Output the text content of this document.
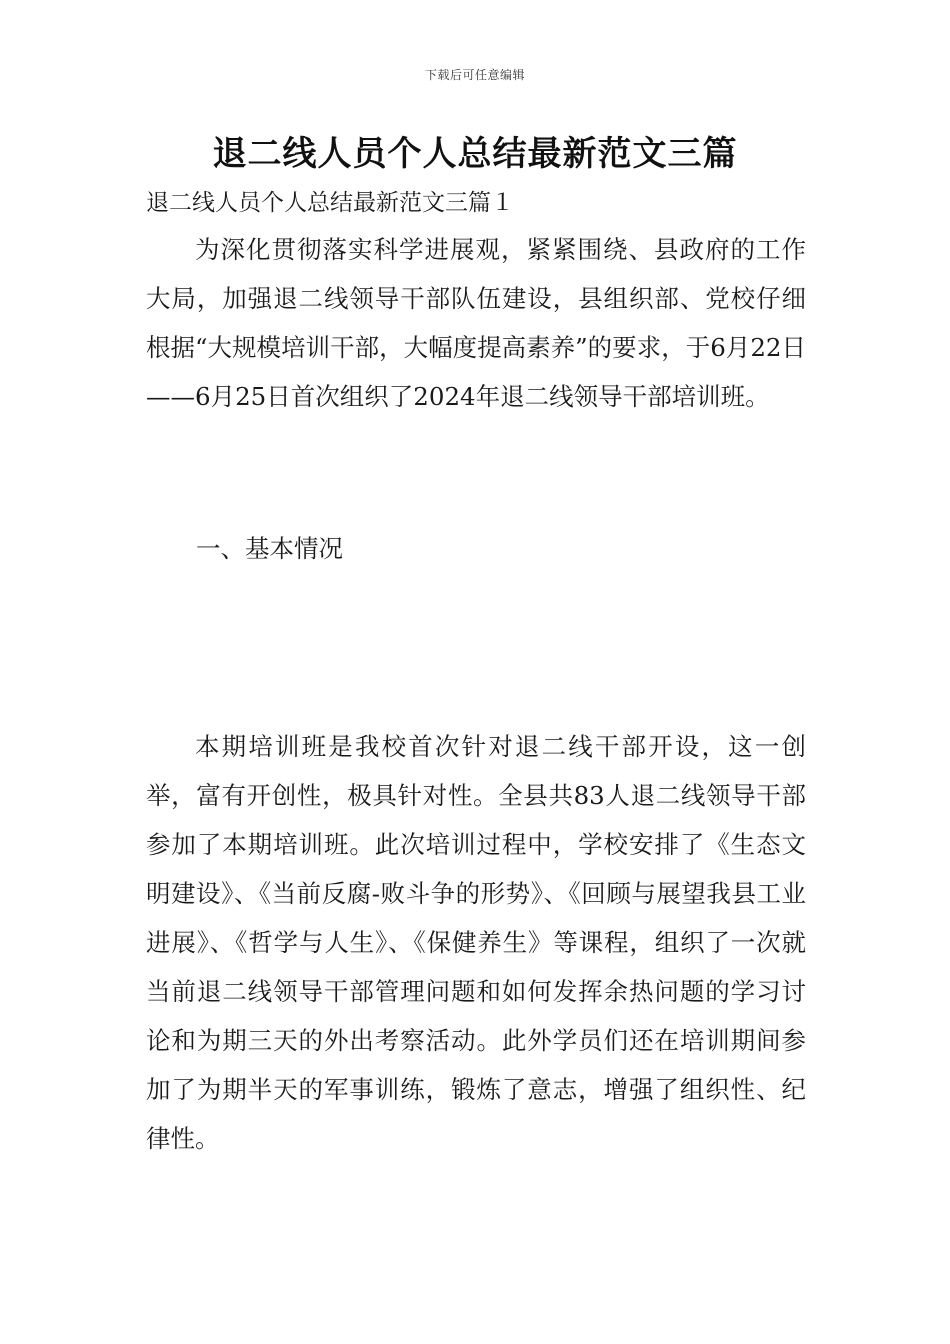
下载后可任意编辑
退二线人员个人总结最新范文三篇
退二线人员个人总结最新范文三篇１

为深化贯彻落实科学进展观，紧紧围绕、县政府的工作大局，加强退二线领导干部队伍建设，县组织部、党校仔细根据“大规模培训干部，大幅度提高素养”的要求，于6月22日——6月25日首次组织了2024年退二线领导干部培训班。

一、基本情况

本期培训班是我校首次针对退二线干部开设，这一创举，富有开创性，极具针对性。全县共83人退二线领导干部参加了本期培训班。此次培训过程中，学校安排了《生态文明建设》、《当前反腐-败斗争的形势》、《回顾与展望我县工业进展》、《哲学与人生》、《保健养生》等课程，组织了一次就当前退二线领导干部管理问题和如何发挥余热问题的学习讨论和为期三天的外出考察活动。此外学员们还在培训期间参加了为期半天的军事训练，锻炼了意志，增强了组织性、纪律性。
